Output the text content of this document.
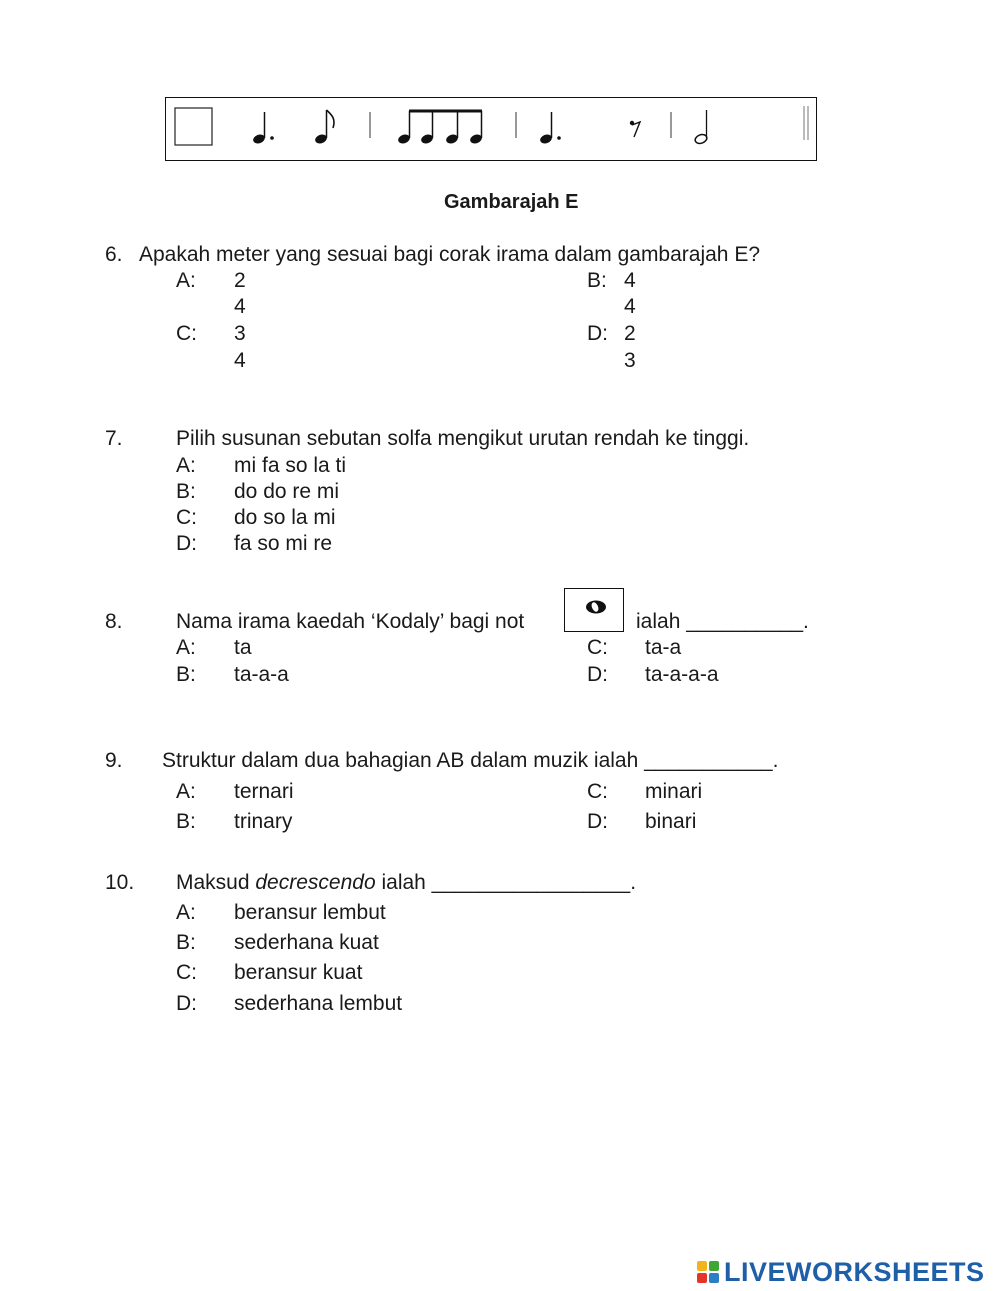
Gambarajah E
6. Apakah meter yang sesuai bagi corak irama dalam gambarajah E?
A: 2
4
B: 4
4
C: 3
4
D: 2
3
7.	Pilih susunan sebutan solfa mengikut urutan rendah ke tinggi.
A: mi fa so la ti
B: do do re mi
C: do so la mi
D: fa so mi re
8.	Nama irama kaedah ‘Kodaly’ bagi not	ialah __________.
A: ta	C: ta-a
B: ta-a-a	D: ta-a-a-a
9. Struktur dalam dua bahagian AB dalam muzik ialah ___________.
A: ternari	C: minari
B: trinary	D: binari
10. Maksud decrescendo ialah _________________.
A: beransur lembut
B: sederhana kuat
C: beransur kuat
D: sederhana lembut
LIVEWORKSHEETS
